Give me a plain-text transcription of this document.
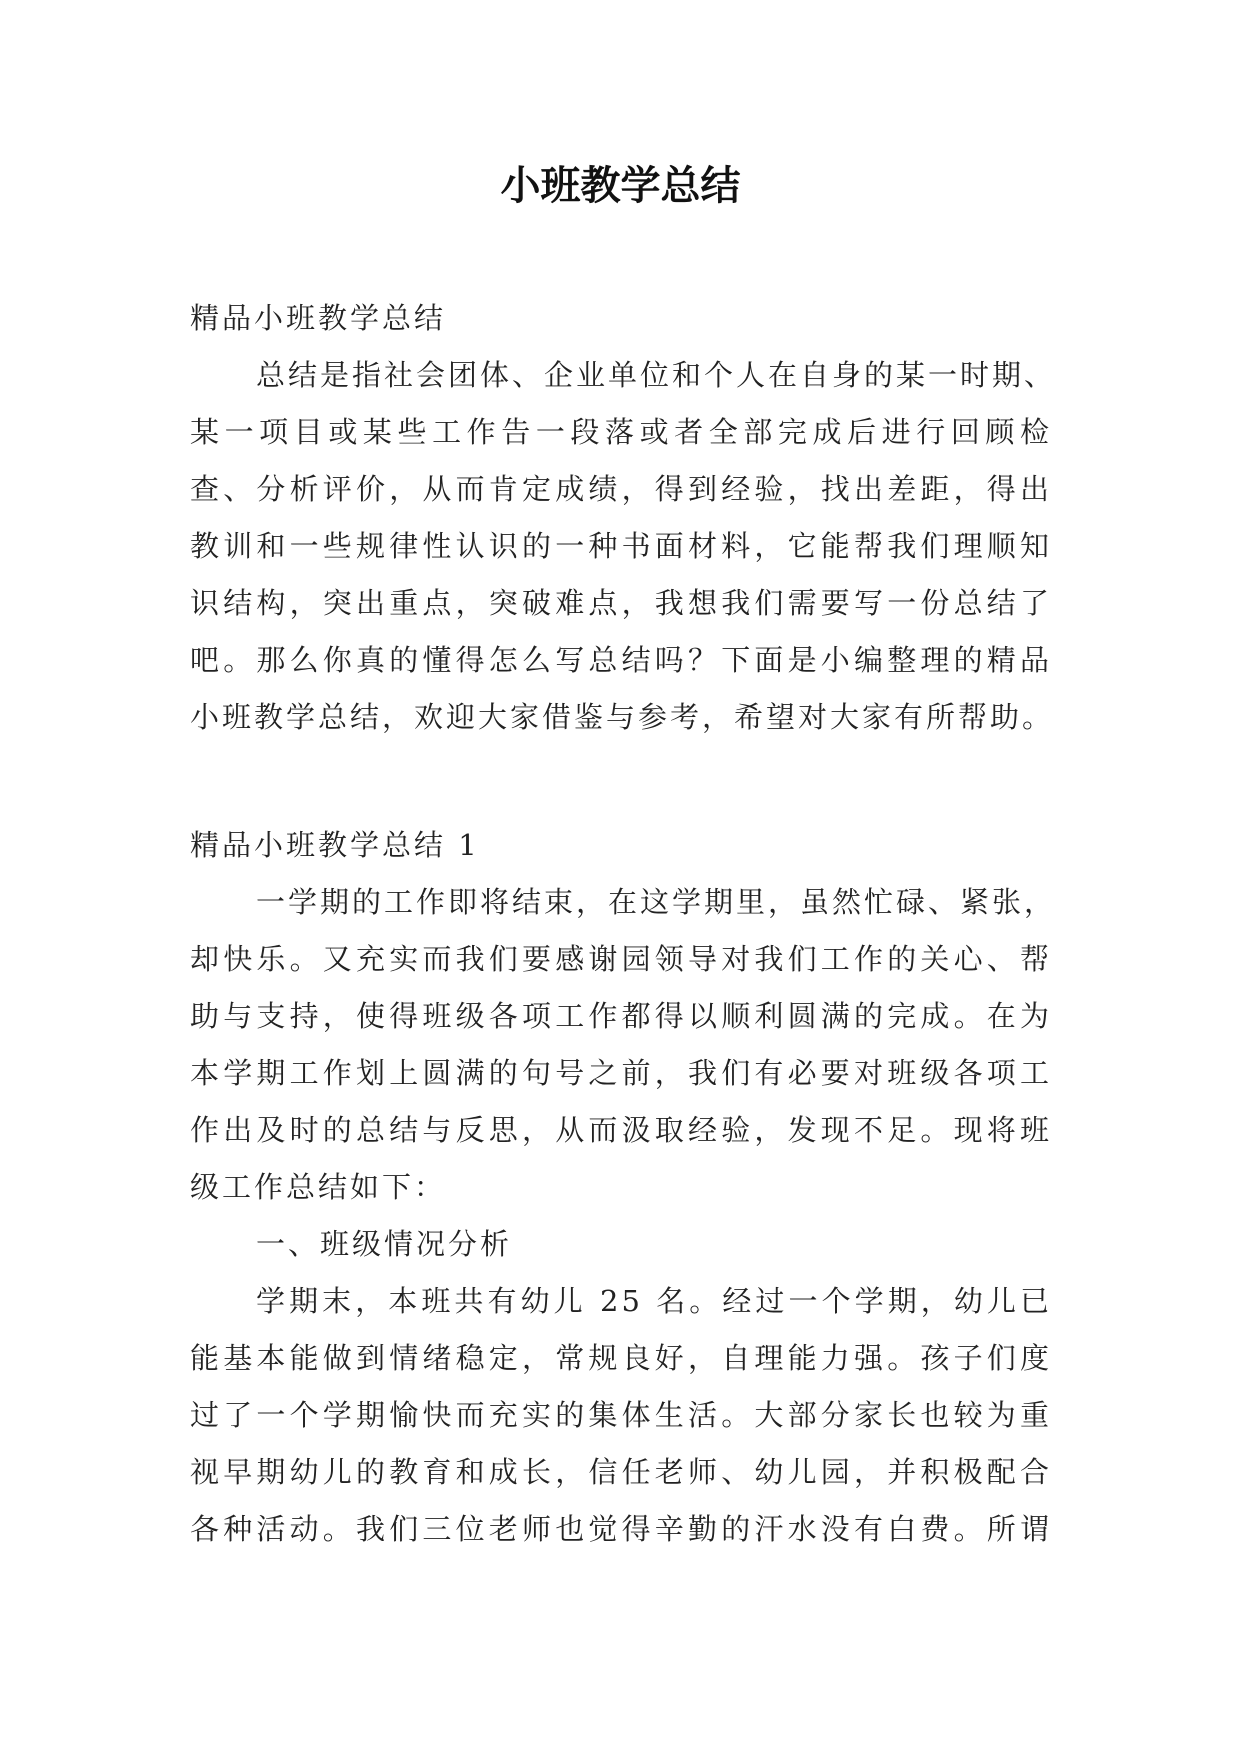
小班教学总结
精品小班教学总结
总结是指社会团体、企业单位和个人在自身的某一时期、
某一项目或某些工作告一段落或者全部完成后进行回顾检
查、分析评价，从而肯定成绩，得到经验，找出差距，得出
教训和一些规律性认识的一种书面材料，它能帮我们理顺知
识结构，突出重点，突破难点，我想我们需要写一份总结了
吧。那么你真的懂得怎么写总结吗？下面是小编整理的精品
小班教学总结，欢迎大家借鉴与参考，希望对大家有所帮助。
精品小班教学总结 1
一学期的工作即将结束，在这学期里，虽然忙碌、紧张，
却快乐。又充实而我们要感谢园领导对我们工作的关心、帮
助与支持，使得班级各项工作都得以顺利圆满的完成。在为
本学期工作划上圆满的句号之前，我们有必要对班级各项工
作出及时的总结与反思，从而汲取经验，发现不足。现将班
级工作总结如下：
一、班级情况分析
学期末，本班共有幼儿 25 名。经过一个学期，幼儿已
能基本能做到情绪稳定，常规良好，自理能力强。孩子们度
过了一个学期愉快而充实的集体生活。大部分家长也较为重
视早期幼儿的教育和成长，信任老师、幼儿园，并积极配合
各种活动。我们三位老师也觉得辛勤的汗水没有白费。所谓
